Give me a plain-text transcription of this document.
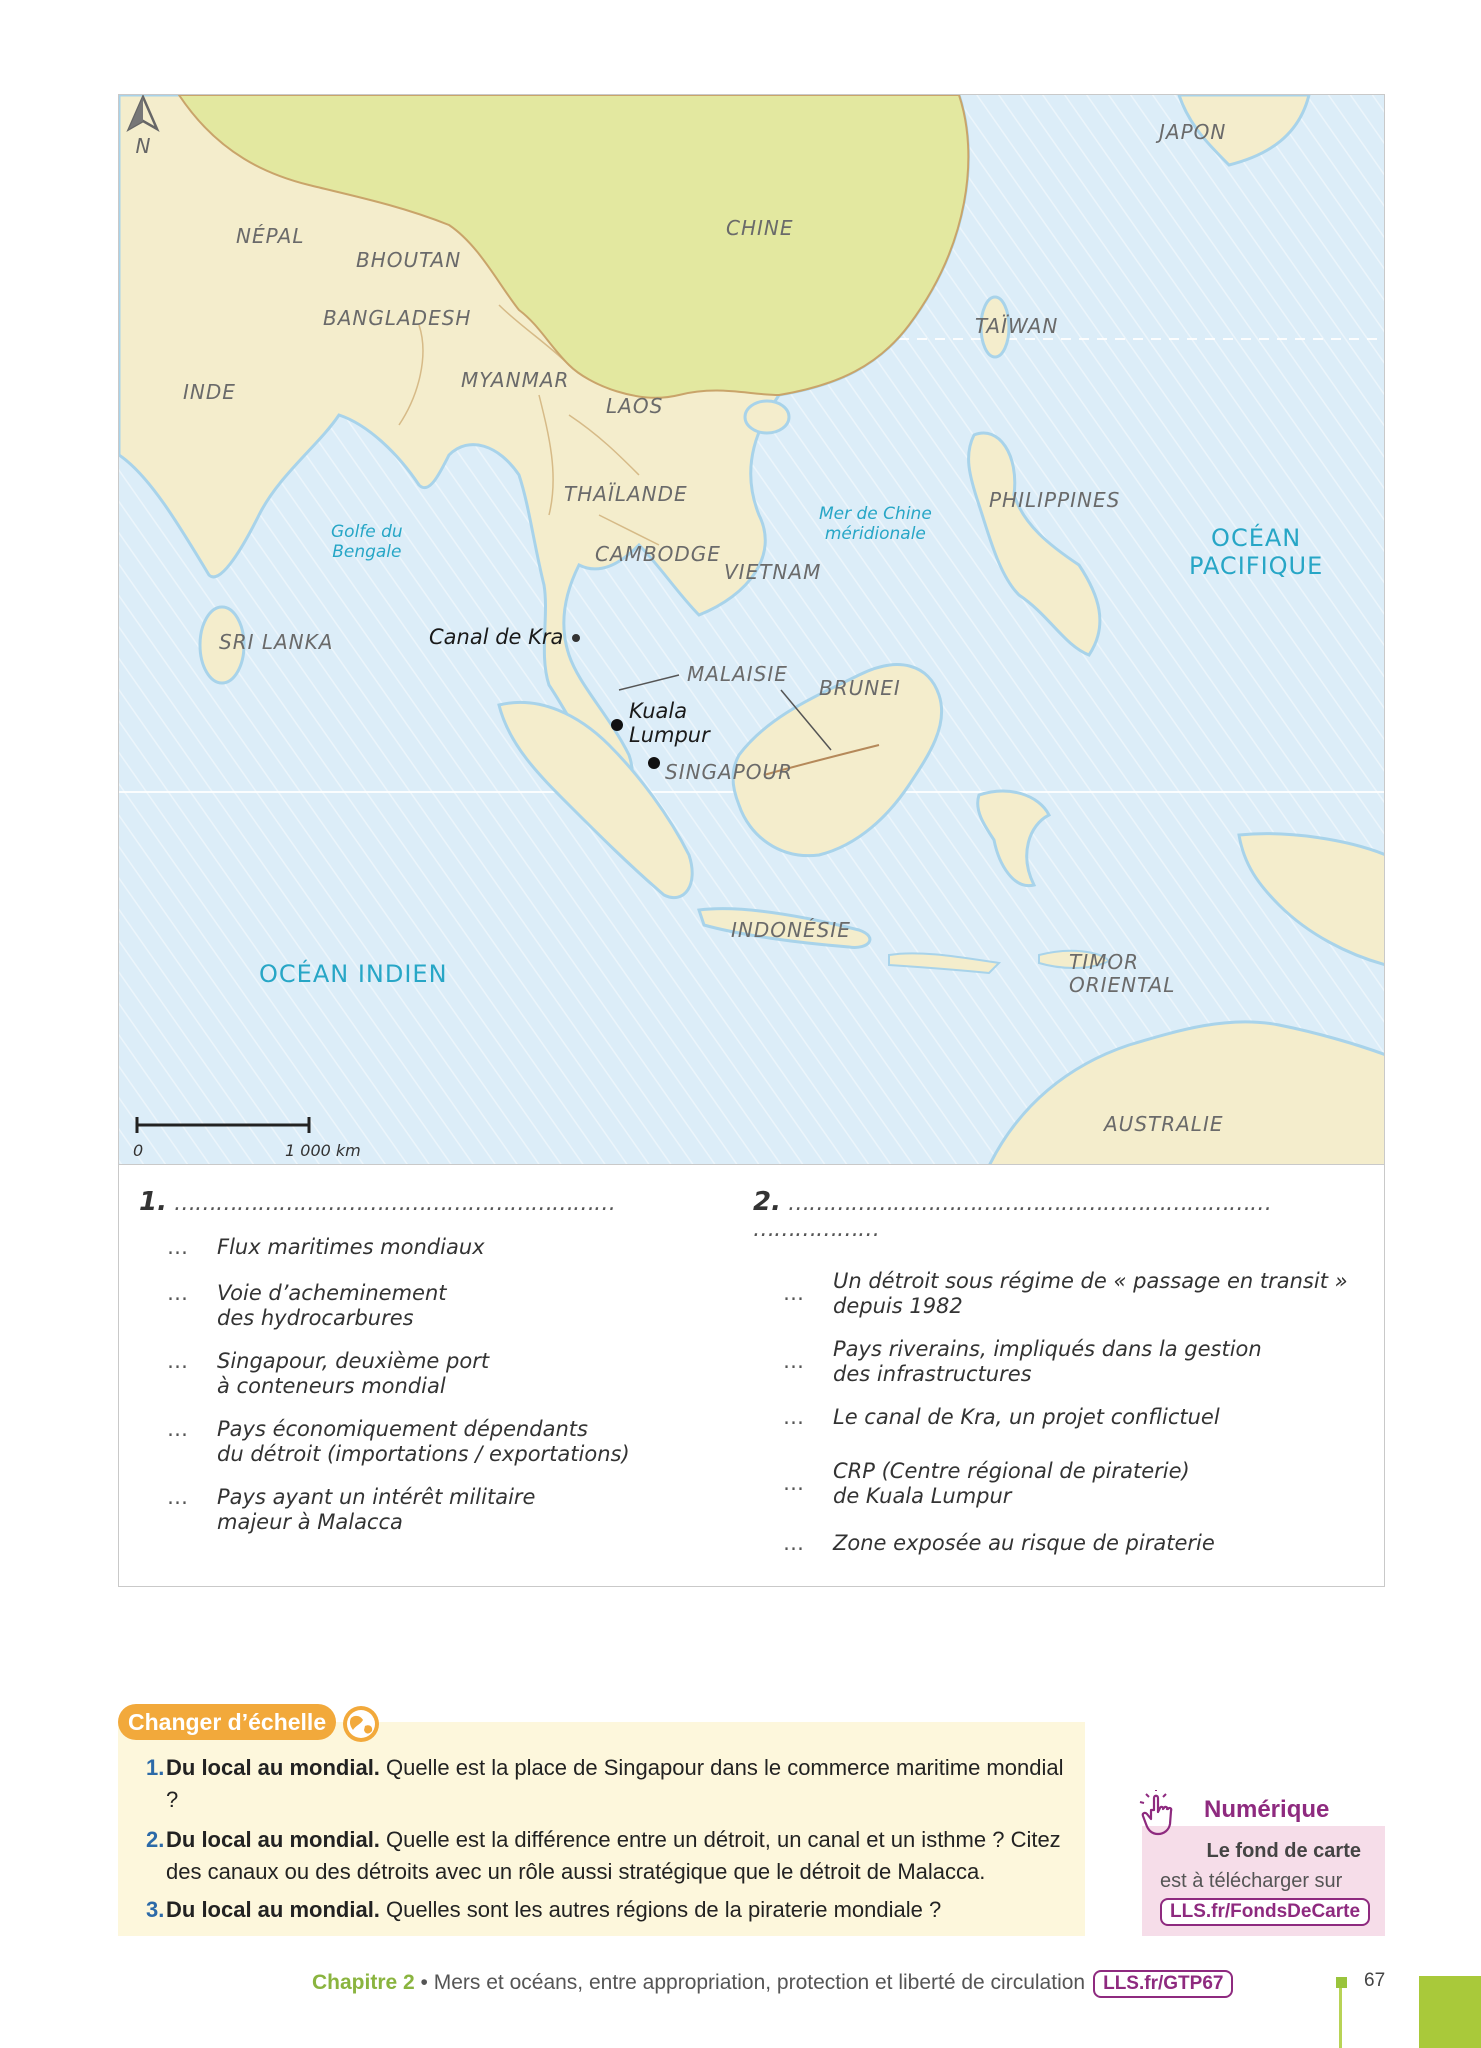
N
JAPON
CHINE
NÉPAL
BHOUTAN
BANGLADESH
INDE	MYANMAR
LAOS
TAÏWAN
THAÏLANDE	PHILIPPINES
CAMBODGE
VIETNAM
SRI LANKA
MALAISIE
BRUNEI
SINGAPOUR
INDONÉSIE
TIMOR
ORIENTAL
AUSTRALIE
Golfe du
Bengale
Mer de Chine
méridionale	OCÉAN
PACIFIQUE
OCÉAN INDIEN
Canal de Kra
Kuala
Lumpur
0	1 000 km
1. ………………………………………………………
… Flux maritimes mondiaux
… Voie d’acheminement
des hydrocarbures
… Singapour, deuxième port
à conteneurs mondial
… Pays économiquement dépendants
du détroit (importations / exportations)
… Pays ayant un intérêt militaire
majeur à Malacca
2. ……………………………………………………………
………………
… Un détroit sous régime de « passage en transit »
depuis 1982
… Pays riverains, impliqués dans la gestion
des infrastructures
… Le canal de Kra, un projet conflictuel
… CRP (Centre régional de piraterie)
de Kuala Lumpur
… Zone exposée au risque de piraterie
1. Du local au mondial. Quelle est la place de Singapour dans le commerce maritime mondial ?
2. Du local au mondial. Quelle est la différence entre un détroit, un canal et un isthme ? Citez des canaux ou des détroits avec un rôle aussi stratégique que le détroit de Malacca.
3. Du local au mondial. Quelles sont les autres régions de la piraterie mondiale ?
Changer d’échelle
Le fond de carte
est à télécharger sur
LLS.fr/FondsDeCarte
Numérique
Chapitre 2 • Mers et océans, entre appropriation, protection et liberté de circulation LLS.fr/GTP67	67
